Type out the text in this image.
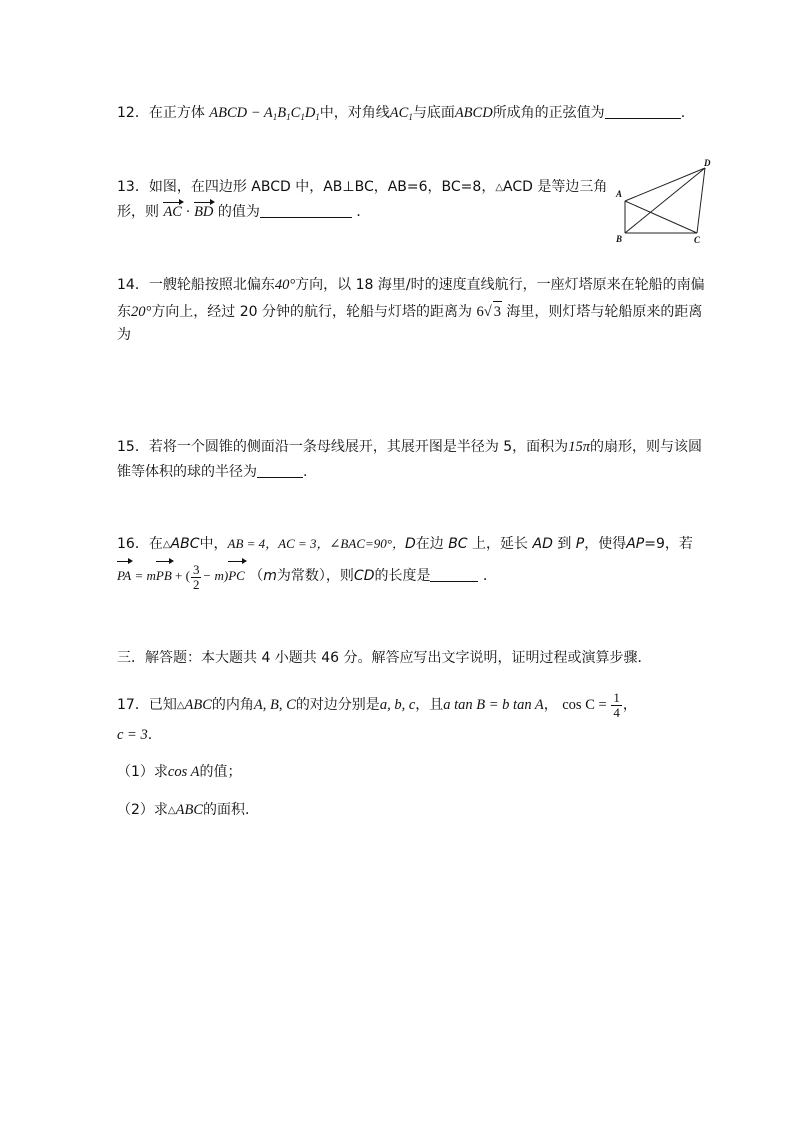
12．在正方体 ABCD − $A_1B_1C_1D_1$中，对角线$AC_1$与底面ABCD所成角的正弦值为	.
13．如图，在四边形 ABCD 中，AB⊥BC，AB=6，BC=8，△ACD 是等边三角
形，则 AC · BD 的值为	．
A
B	C
D
14．一艘轮船按照北偏东40°方向，以 18 海里/时的速度直线航行，一座灯塔原来在轮船的南偏
东20°方向上，经过 20 分钟的航行，轮船与灯塔的距离为 6√ 3 海里，则灯塔与轮船原来的距离
为
15．若将一个圆锥的侧面沿一条母线展开，其展开图是半径为 5，面积为15π的扇形，则与该圆
锥等体积的球的半径为	.
16．在△ABC中，AB = 4，AC = 3，∠BAC=90°，D在边 BC 上，延长 AD 到 P，使得AP=9，若
PA = mPB + ( $\frac{3}{2} - m)PC$ （m为常数），则CD的长度是	．
三．解答题：本大题共 4 小题共 46 分。解答应写出文字说明，证明过程或演算步骤．
17．已知△ABC的内角A, B, C的对边分别是a, b, c，且a tan B = b tan A， $\cos C = \frac{1}{4}$ ，
c = 3.
（1）求cos A的值；
（2）求△ABC的面积.
